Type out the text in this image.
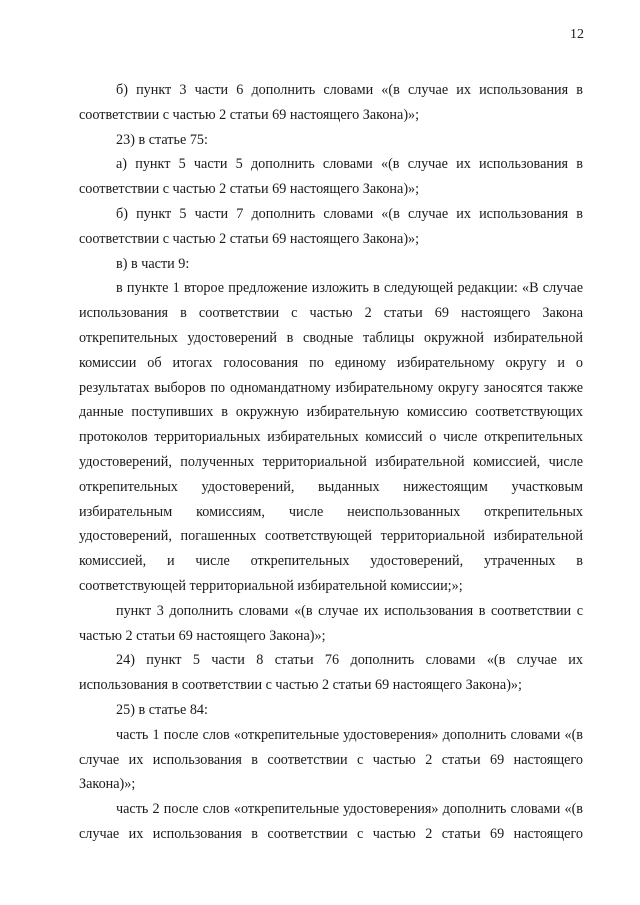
12

б) пункт 3 части 6 дополнить словами «(в случае их использования в соответствии с частью 2 статьи 69 настоящего Закона)»;

23) в статье 75:

а) пункт 5 части 5 дополнить словами «(в случае их использования в соответствии с частью 2 статьи 69 настоящего Закона)»;

б) пункт 5 части 7 дополнить словами «(в случае их использования в соответствии с частью 2 статьи 69 настоящего Закона)»;

в) в части 9:

в пункте 1 второе предложение изложить в следующей редакции: «В случае использования в соответствии с частью 2 статьи 69 настоящего Закона открепительных удостоверений в сводные таблицы окружной избирательной комиссии об итогах голосования по единому избирательному округу и о результатах выборов по одномандатному избирательному округу заносятся также данные поступивших в окружную избирательную комиссию соответствующих протоколов территориальных избирательных комиссий о числе открепительных удостоверений, полученных территориальной избирательной комиссией, числе открепительных удостоверений, выданных нижестоящим участковым избирательным комиссиям, числе неиспользованных открепительных удостоверений, погашенных соответствующей территориальной избирательной комиссией, и числе открепительных удостоверений, утраченных в соответствующей территориальной избирательной комиссии;»;

пункт 3 дополнить словами «(в случае их использования в соответствии с частью 2 статьи 69 настоящего Закона)»;

24) пункт 5 части 8 статьи 76 дополнить словами «(в случае их использования в соответствии с частью 2 статьи 69 настоящего Закона)»;

25) в статье 84:

часть 1 после слов «открепительные удостоверения» дополнить словами «(в случае их использования в соответствии с частью 2 статьи 69 настоящего Закона)»;

часть 2 после слов «открепительные удостоверения» дополнить словами «(в случае их использования в соответствии с частью 2 статьи 69 настоящего
